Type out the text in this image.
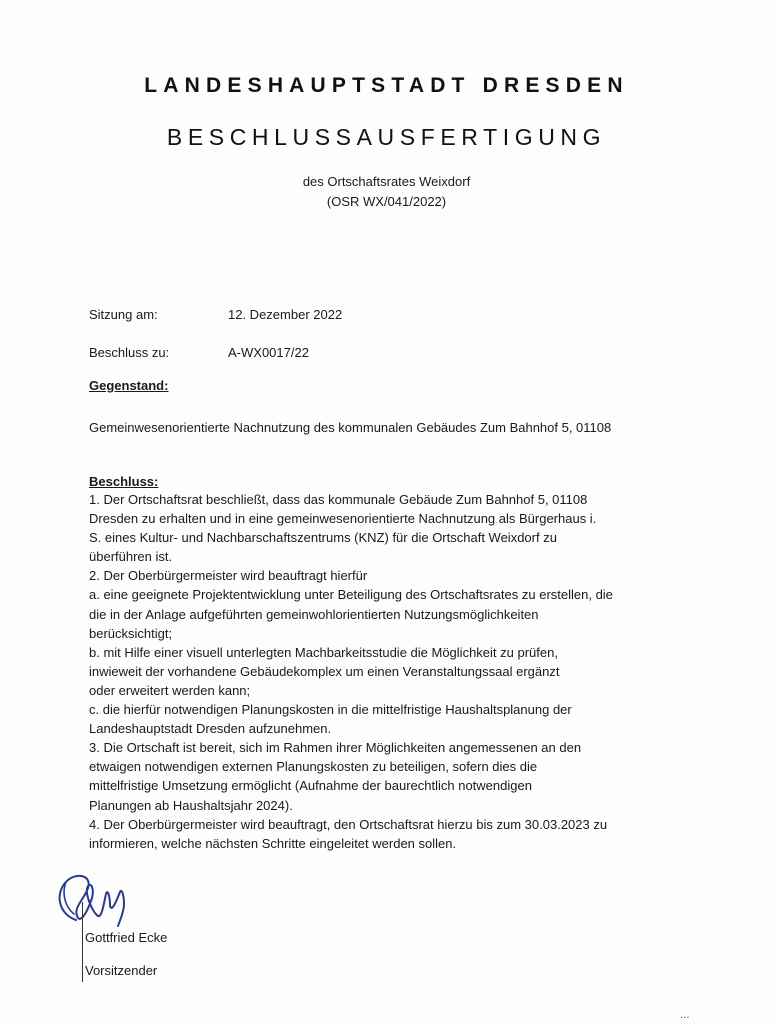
LANDESHAUPTSTADT DRESDEN
BESCHLUSSAUSFERTIGUNG
des Ortschaftsrates Weixdorf
(OSR WX/041/2022)
Sitzung am:	12. Dezember 2022
Beschluss zu:	A-WX0017/22
Gegenstand:
Gemeinwesenorientierte Nachnutzung des kommunalen Gebäudes Zum Bahnhof 5, 01108
Beschluss:
1. Der Ortschaftsrat beschließt, dass das kommunale Gebäude Zum Bahnhof 5, 01108
Dresden zu erhalten und in eine gemeinwesenorientierte Nachnutzung als Bürgerhaus i.
S. eines Kultur- und Nachbarschaftszentrums (KNZ) für die Ortschaft Weixdorf zu
überführen ist.
2. Der Oberbürgermeister wird beauftragt hierfür
a. eine geeignete Projektentwicklung unter Beteiligung des Ortschaftsrates zu erstellen, die
die in der Anlage aufgeführten gemeinwohlorientierten Nutzungsmöglichkeiten
berücksichtigt;
b. mit Hilfe einer visuell unterlegten Machbarkeitsstudie die Möglichkeit zu prüfen,
inwieweit der vorhandene Gebäudekomplex um einen Veranstaltungssaal ergänzt
oder erweitert werden kann;
c. die hierfür notwendigen Planungskosten in die mittelfristige Haushaltsplanung der
Landeshauptstadt Dresden aufzunehmen.
3. Die Ortschaft ist bereit, sich im Rahmen ihrer Möglichkeiten angemessenen an den
etwaigen notwendigen externen Planungskosten zu beteiligen, sofern dies die
mittelfristige Umsetzung ermöglicht (Aufnahme der baurechtlich notwendigen
Planungen ab Haushaltsjahr 2024).
4. Der Oberbürgermeister wird beauftragt, den Ortschaftsrat hierzu bis zum 30.03.2023 zu
informieren, welche nächsten Schritte eingeleitet werden sollen.
Gottfried Ecke
Vorsitzender
...
